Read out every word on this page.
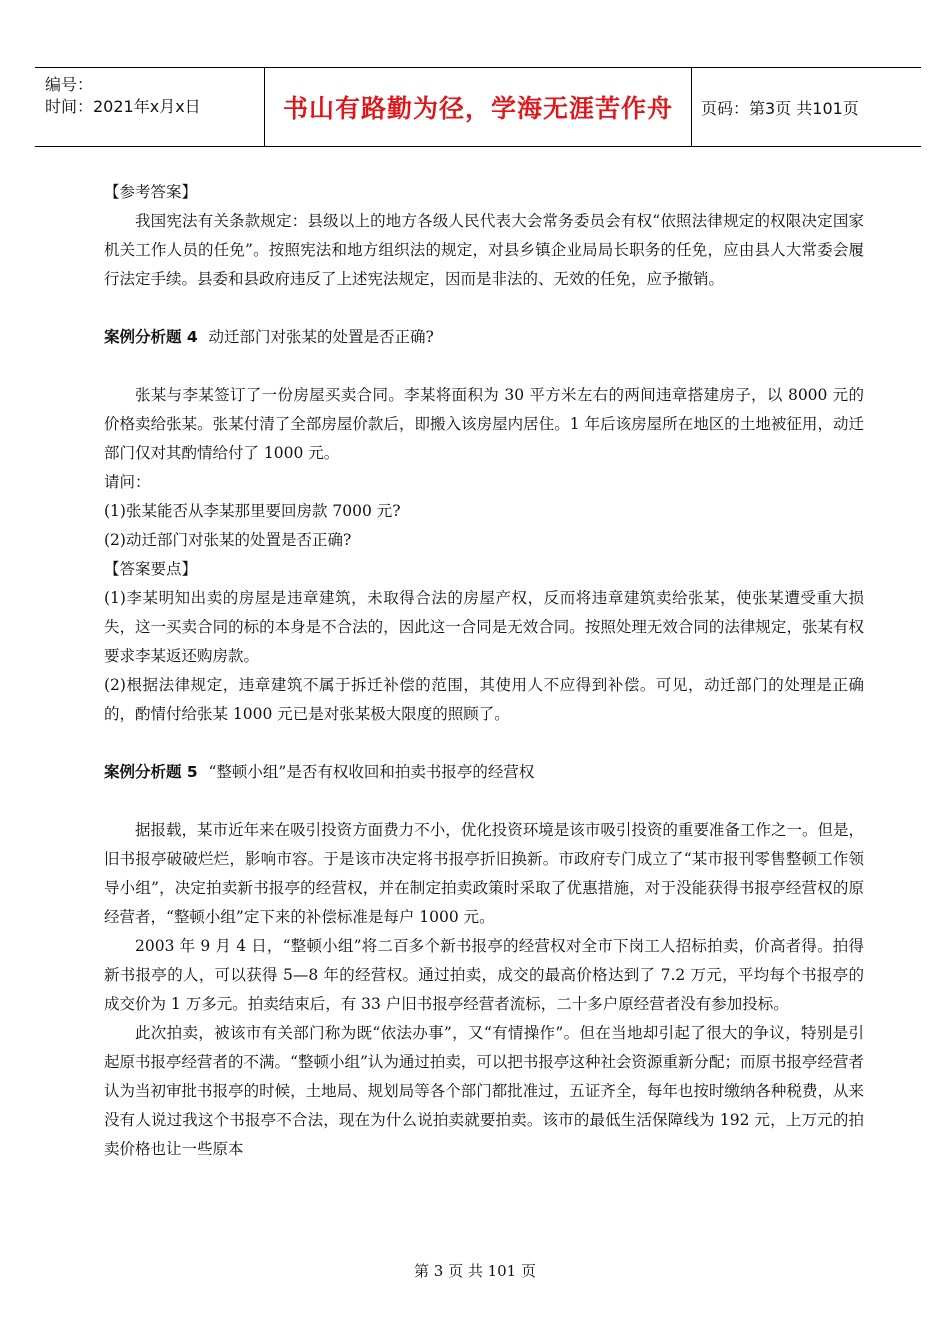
编号：
时间：2021年x月x日	书山有路勤为径，学海无涯苦作舟	页码：第3页 共101页

【参考答案】

我国宪法有关条款规定：县级以上的地方各级人民代表大会常务委员会有权“依照法律规定的权限决定国家机关工作人员的任免”。按照宪法和地方组织法的规定，对县乡镇企业局局长职务的任免，应由县人大常委会履行法定手续。县委和县政府违反了上述宪法规定，因而是非法的、无效的任免，应予撤销。

案例分析题 4 动迁部门对张某的处置是否正确?

张某与李某签订了一份房屋买卖合同。李某将面积为 30 平方米左右的两间违章搭建房子，以 8000 元的价格卖给张某。张某付清了全部房屋价款后，即搬入该房屋内居住。1 年后该房屋所在地区的土地被征用，动迁部门仅对其酌情给付了 1000 元。

请问：

(1)张某能否从李某那里要回房款 7000 元?

(2)动迁部门对张某的处置是否正确?

【答案要点】

(1)李某明知出卖的房屋是违章建筑，未取得合法的房屋产权，反而将违章建筑卖给张某，使张某遭受重大损失，这一买卖合同的标的本身是不合法的，因此这一合同是无效合同。按照处理无效合同的法律规定，张某有权要求李某返还购房款。

(2)根据法律规定，违章建筑不属于拆迁补偿的范围，其使用人不应得到补偿。可见，动迁部门的处理是正确的，酌情付给张某 1000 元已是对张某极大限度的照顾了。

案例分析题 5 “整顿小组”是否有权收回和拍卖书报亭的经营权

据报载，某市近年来在吸引投资方面费力不小，优化投资环境是该市吸引投资的重要准备工作之一。但是，旧书报亭破破烂烂，影响市容。于是该市决定将书报亭折旧换新。市政府专门成立了“某市报刊零售整顿工作领导小组”，决定拍卖新书报亭的经营权，并在制定拍卖政策时采取了优惠措施，对于没能获得书报亭经营权的原经营者，“整顿小组”定下来的补偿标准是每户 1000 元。

2003 年 9 月 4 日，“整顿小组”将二百多个新书报亭的经营权对全市下岗工人招标拍卖，价高者得。拍得新书报亭的人，可以获得 5—8 年的经营权。通过拍卖，成交的最高价格达到了 7.2 万元，平均每个书报亭的成交价为 1 万多元。拍卖结束后，有 33 户旧书报亭经营者流标，二十多户原经营者没有参加投标。

此次拍卖，被该市有关部门称为既“依法办事”，又“有情操作”。但在当地却引起了很大的争议，特别是引起原书报亭经营者的不满。“整顿小组”认为通过拍卖，可以把书报亭这种社会资源重新分配；而原书报亭经营者认为当初审批书报亭的时候，土地局、规划局等各个部门都批准过，五证齐全，每年也按时缴纳各种税费，从来没有人说过我这个书报亭不合法，现在为什么说拍卖就要拍卖。该市的最低生活保障线为 192 元，上万元的拍卖价格也让一些原本

第 3 页 共 101 页
